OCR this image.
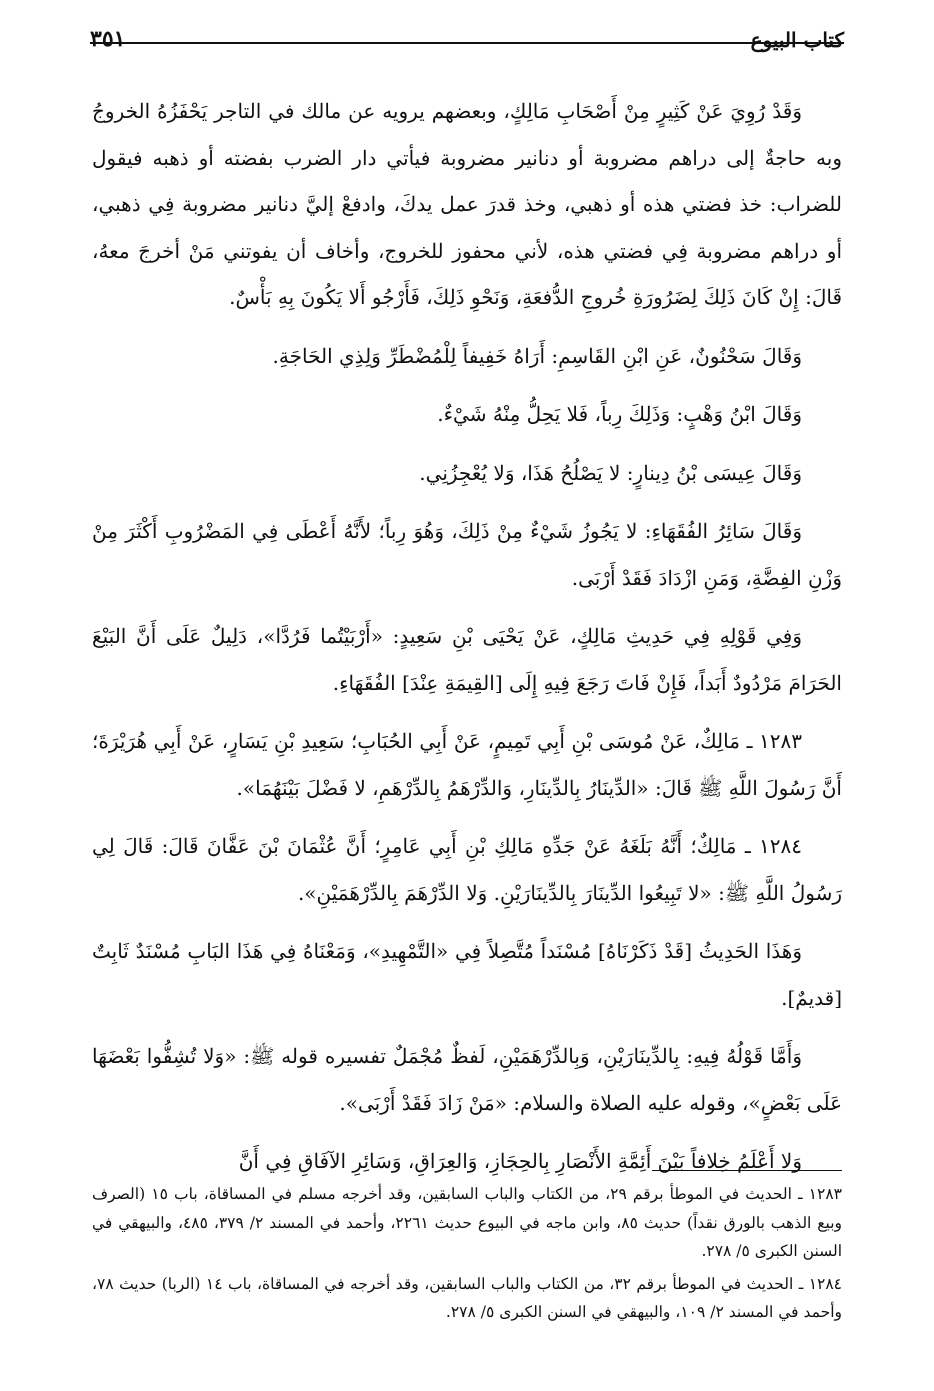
كتاب البيوع
٣٥١

وَقَدْ رُوِيَ عَنْ كَثِيرٍ مِنْ أَصْحَابِ مَالِكٍ، وبعضهم يرويه عن مالك في التاجر يَحْفَزُهُ الخروجُ وبه حاجةٌ إلى دراهم مضروبة أو دنانير مضروبة فيأتي دار الضرب بفضته أو ذهبه فيقول للضراب: خذ فضتي هذه أو ذهبي، وخذ قدرَ عمل يدكَ، وادفعْ إليَّ دنانير مضروبة فِي ذهبي، أو دراهم مضروبة فِي فضتي هذه، لأني محفوز للخروج، وأخاف أن يفوتني مَنْ أخرجَ معهُ، قَالَ: إِنْ كَانَ ذَلِكَ لِضَرُورَةِ خُروجِ الدُّفعَةِ، وَنَحْوِ ذَلِكَ، فَأَرْجُو أَلا يَكُونَ بِهِ بَأْسٌ.

وَقَالَ سَحْنُونٌ، عَنِ ابْنِ القَاسِمِ: أَرَاهُ خَفِيفاً لِلْمُضْطَرِّ وَلِذِي الحَاجَةِ.

وَقَالَ ابْنُ وَهْبٍ: وَذَلِكَ رِباً، فَلا يَحِلُّ مِنْهُ شَيْءٌ.

وَقَالَ عِيسَى بْنُ دِينارٍ: لا يَصْلُحُ هَذَا، وَلا يُعْجِزُنِي.

وَقَالَ سَائِرُ الفُقَهَاءِ: لا يَجُوزُ شَيْءٌ مِنْ ذَلِكَ، وَهُوَ رِباً؛ لأَنَّهُ أَعْطَى فِي المَضْرُوبِ أَكْثَرَ مِنْ وَزْنِ الفِضَّةِ، وَمَنِ ازْدَادَ فَقَدْ أَرْبَى.

وَفِي قَوْلِهِ فِي حَدِيثِ مَالِكٍ، عَنْ يَحْيَى بْنِ سَعِيدٍ: «أَرْبَيْتُما فَرُدَّا»، دَلِيلٌ عَلَى أَنَّ البَيْعَ الحَرَامَ مَرْدُودٌ أَبَداً، فَإِنْ فَاتَ رَجَعَ فِيهِ إِلَى [القِيمَةِ عِنْدَ] الفُقَهَاءِ.

١٢٨٣ ـ مَالِكٌ، عَنْ مُوسَى بْنِ أَبِي تَمِيمٍ، عَنْ أَبِي الحُبَابِ؛ سَعِيدِ بْنِ يَسَارٍ، عَنْ أَبِي هُرَيْرَةَ؛ أَنَّ رَسُولَ اللَّهِ ﷺ قَالَ: «الدِّينَارُ بِالدِّينَارِ، وَالدِّرْهَمُ بِالدِّرْهَمِ، لا فَضْلَ بَيْنَهُمَا».

١٢٨٤ ـ مَالِكٌ؛ أَنَّهُ بَلَغَهُ عَنْ جَدِّهِ مَالِكِ بْنِ أَبِي عَامِرٍ؛ أَنَّ عُثْمَانَ بْنَ عَفَّانَ قَالَ: قَالَ لِي رَسُولُ اللَّهِ ﷺ: «لا تَبِيعُوا الدِّينَارَ بِالدِّينَارَيْنِ. وَلا الدِّرْهَمَ بِالدِّرْهَمَيْنِ».

وَهَذَا الحَدِيثُ [قَدْ ذَكَرْنَاهُ] مُسْنَداً مُتَّصِلاً فِي «التَّمْهِيدِ»، وَمَعْنَاهُ فِي هَذَا البَابِ مُسْنَدٌ ثَابِتٌ [قديمٌ].

وَأَمَّا قَوْلُهُ فِيهِ: بِالدِّينَارَيْنِ، وَبِالدِّرْهَمَيْنِ، لَفظٌ مُجْمَلٌ تفسيره قوله ﷺ: «وَلا تُشِفُّوا بَعْضَهَا عَلَى بَعْضٍ»، وقوله عليه الصلاة والسلام: «مَنْ زَادَ فَقَدْ أَرْبَى».

وَلا أَعْلَمُ خِلافاً بَيْنَ أَئِمَّةِ الأَنْصَارِ بِالحِجَازِ، وَالعِرَاقِ، وَسَائِرِ الآفَاقِ فِي أَنَّ

١٢٨٣ ـ الحديث في الموطأ برقم ٢٩، من الكتاب والباب السابقين، وقد أخرجه مسلم في المساقاة، باب ١٥ (الصرف وبيع الذهب بالورق نقداً) حديث ٨٥، وابن ماجه في البيوع حديث ٢٢٦١، وأحمد في المسند ٢/ ٣٧٩، ٤٨٥، والبيهقي في السنن الكبرى ٥/ ٢٧٨.

١٢٨٤ ـ الحديث في الموطأ برقم ٣٢، من الكتاب والباب السابقين، وقد أخرجه في المساقاة، باب ١٤ (الربا) حديث ٧٨، وأحمد في المسند ٢/ ١٠٩، والبيهقي في السنن الكبرى ٥/ ٢٧٨.
